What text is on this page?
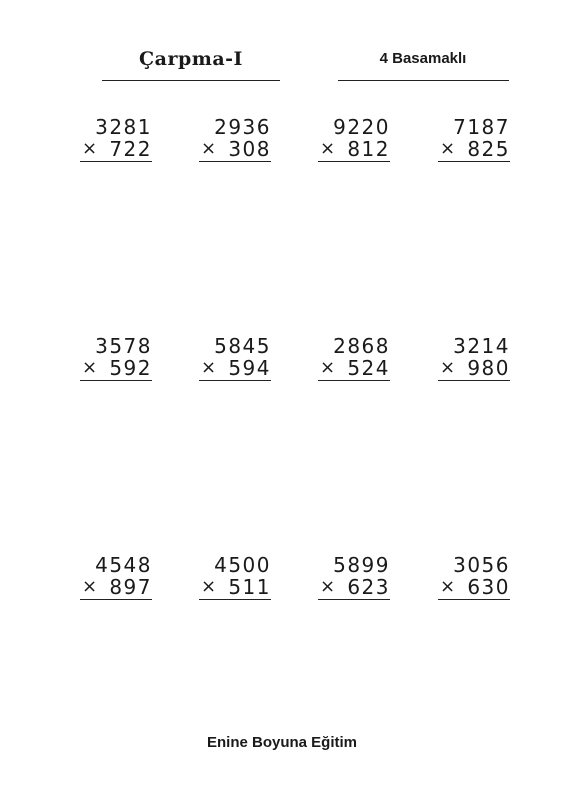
Çarpma-I	4 Basamaklı
3281
× 722
2936
× 308
9220
× 812
7187
× 825
3578
× 592
5845
× 594
2868
× 524
3214
× 980
4548
× 897
4500
× 511
5899
× 623
3056
× 630
Enine Boyuna Eğitim
